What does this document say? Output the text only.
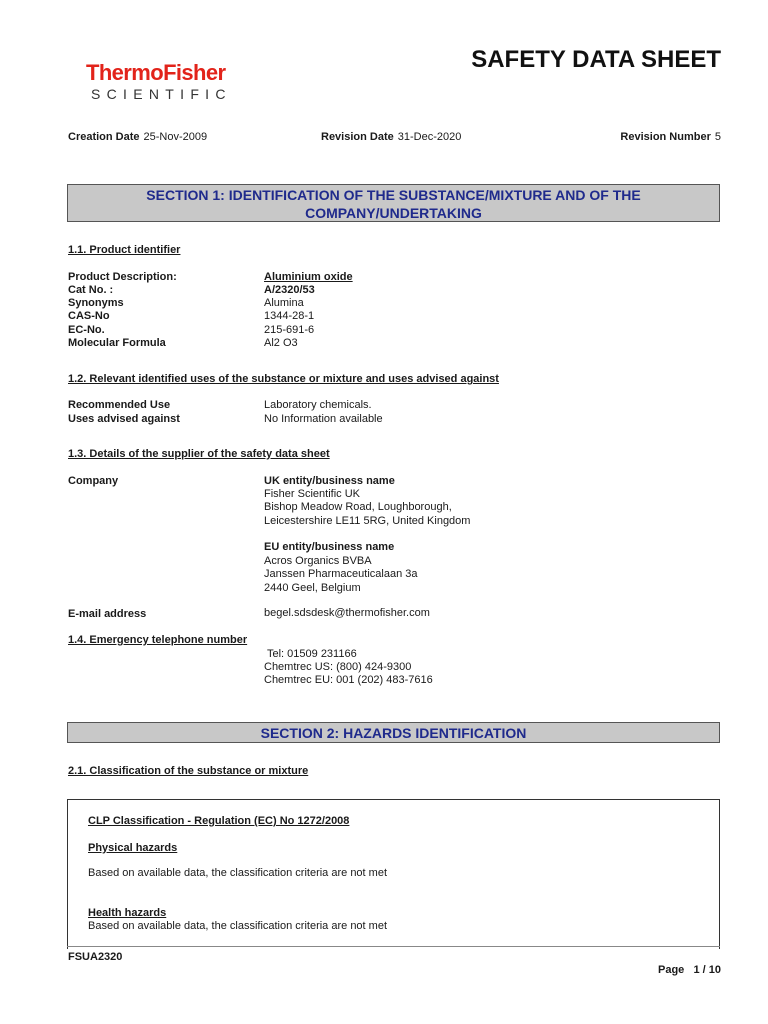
ThermoFisher
SCIENTIFIC
SAFETY DATA SHEET
Creation Date 25-Nov-2009	Revision Date 31-Dec-2020	Revision Number 5
SECTION 1: IDENTIFICATION OF THE SUBSTANCE/MIXTURE AND OF THE
COMPANY/UNDERTAKING
1.1. Product identifier
Product Description:	Aluminium oxide
Cat No. :	A/2320/53
Synonyms	Alumina
CAS-No	1344-28-1
EC-No.	215-691-6
Molecular Formula	Al2 O3
1.2. Relevant identified uses of the substance or mixture and uses advised against
Recommended Use	Laboratory chemicals.
Uses advised against	No Information available
1.3. Details of the supplier of the safety data sheet
Company	UK entity/business name
Fisher Scientific UK
Bishop Meadow Road, Loughborough,
Leicestershire LE11 5RG, United Kingdom
EU entity/business name
Acros Organics BVBA
Janssen Pharmaceuticalaan 3a
2440 Geel, Belgium
E-mail address	begel.sdsdesk@thermofisher.com
1.4. Emergency telephone number
Tel: 01509 231166
Chemtrec US: (800) 424-9300
Chemtrec EU: 001 (202) 483-7616
SECTION 2: HAZARDS IDENTIFICATION
2.1. Classification of the substance or mixture
CLP Classification - Regulation (EC) No 1272/2008
Physical hazards
Based on available data, the classification criteria are not met
Health hazards
Based on available data, the classification criteria are not met
FSUA2320
Page 1 / 10
